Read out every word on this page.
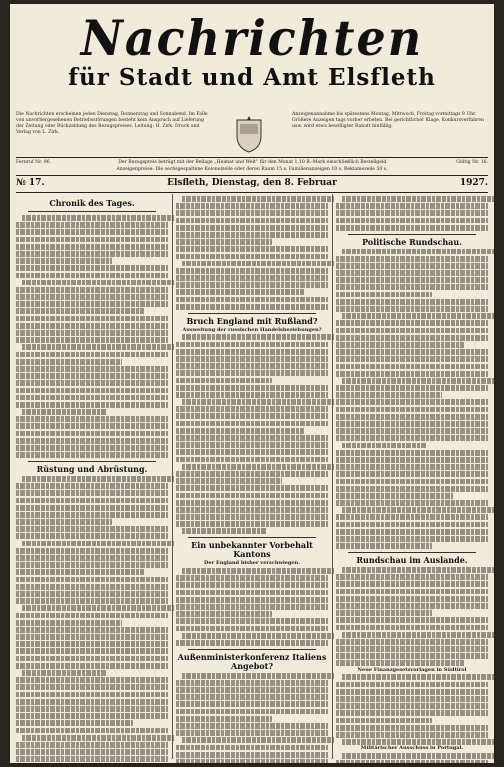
Nachrichten
für Stadt und Amt Elsfleth
Die Nachrichten erscheinen jeden Dienstag, Donnerstag und Sonnabend. Im Falle von unvorhergesehenen Betriebsstörungen besteht kein Anspruch auf Lieferung der Zeitung oder Rückzahlung des Bezugspreises. Leitung: H. Zirk. Druck und Verlag von L. Zirk.
Anzeigenannahme bis spätestens Montag, Mittwoch, Freitag vormittags 9 Uhr. Größere Anzeigen tags vorher erbeten. Bei gerichtlicher Klage, Konkursverfahren usw. wird etwa bewilligter Rabatt hinfällig.
Fernruf Nr. 96.	Der Bezugspreis beträgt mit der Beilage „Heimat und Welt“ für den Monat 1,10 R.-Mark einschließlich Bestellgeld.	Gültig Nr. 16.
Anzeigenpreise: Die sechsgespaltene Kolonelzeile oder deren Raum 15 s. Familienanzeigen 10 s. Reklamezeile 50 s.
№ 17.	Elsfleth, Dienstag, den 8. Februar	1927.
Chronik des Tages.
Rüstung und Abrüstung.
Bruch England mit Rußland?
Ausweitung der russischen Handelsbeziehungen?
Ein unbekannter Vorbehalt Kantons
Der England bisher verschwiegen.
Außenministerkonferenz Italiens Angebot?
Politische Rundschau.
Rundschau im Auslande.
Neue Finanzgesetzvorlagen in Südtirol
Militärischer Ausschuss in Portugal.
